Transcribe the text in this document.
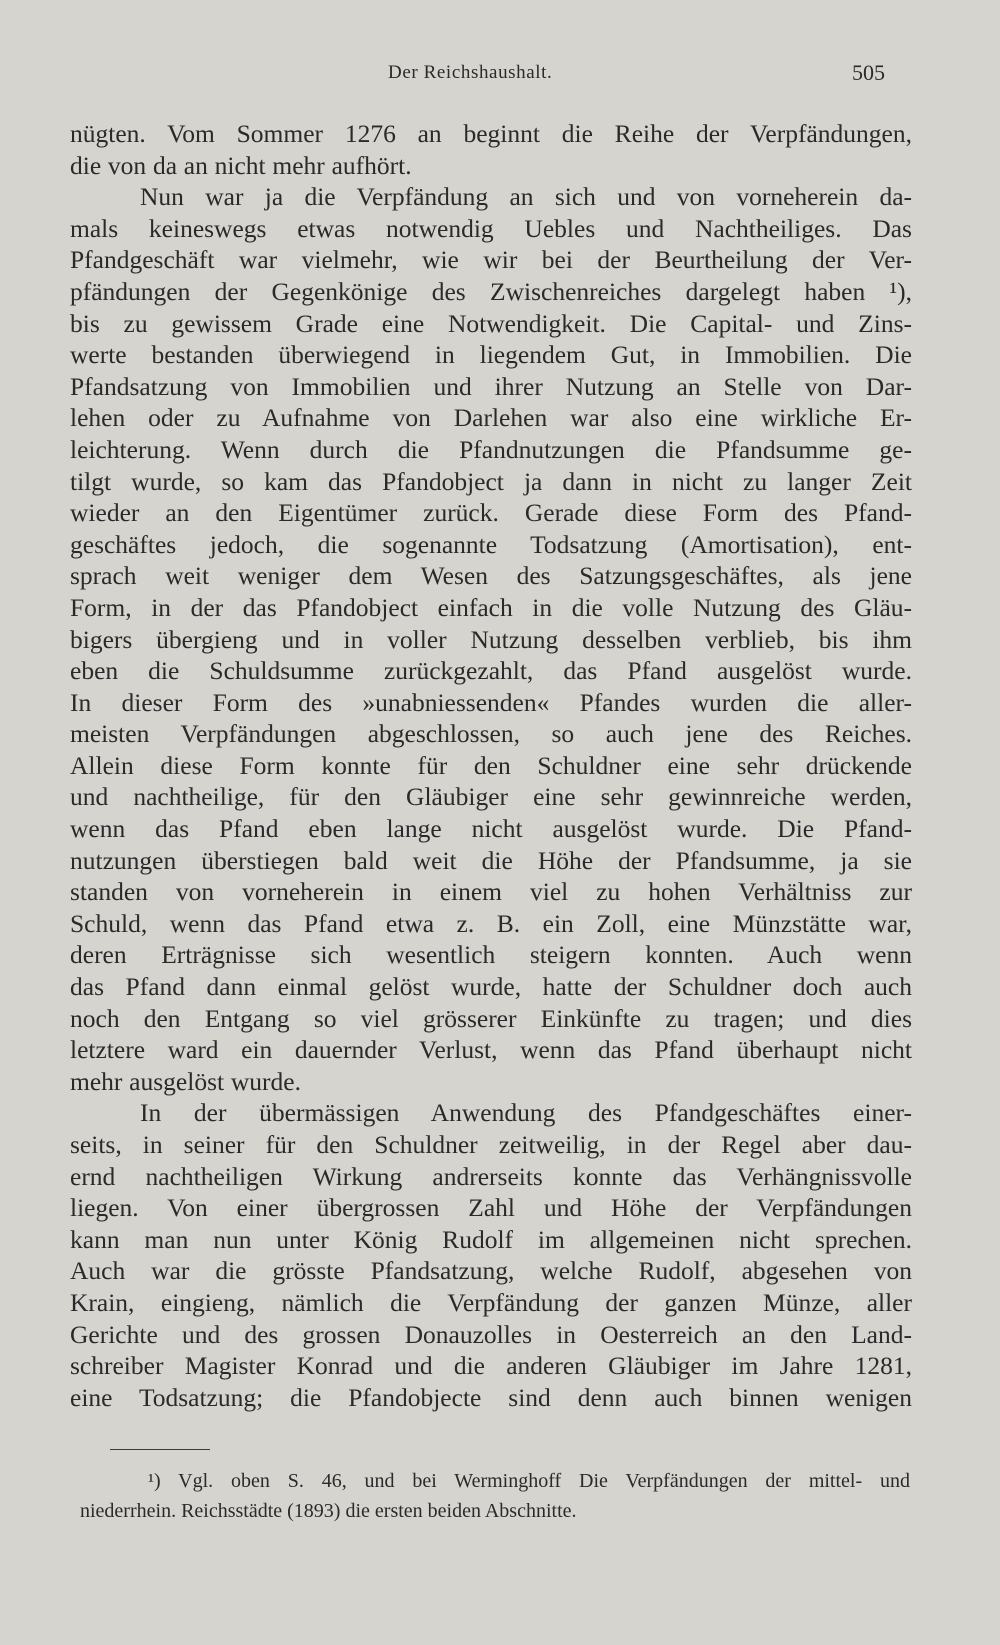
Der Reichshaushalt.	505
nügten. Vom Sommer 1276 an beginnt die Reihe der Verpfändungen,
die von da an nicht mehr aufhört.
Nun war ja die Verpfändung an sich und von vorneherein da-
mals keineswegs etwas notwendig Uebles und Nachtheiliges. Das
Pfandgeschäft war vielmehr, wie wir bei der Beurtheilung der Ver-
pfändungen der Gegenkönige des Zwischenreiches dargelegt haben ¹),
bis zu gewissem Grade eine Notwendigkeit. Die Capital- und Zins-
werte bestanden überwiegend in liegendem Gut, in Immobilien. Die
Pfandsatzung von Immobilien und ihrer Nutzung an Stelle von Dar-
lehen oder zu Aufnahme von Darlehen war also eine wirkliche Er-
leichterung. Wenn durch die Pfandnutzungen die Pfandsumme ge-
tilgt wurde, so kam das Pfandobject ja dann in nicht zu langer Zeit
wieder an den Eigentümer zurück. Gerade diese Form des Pfand-
geschäftes jedoch, die sogenannte Todsatzung (Amortisation), ent-
sprach weit weniger dem Wesen des Satzungsgeschäftes, als jene
Form, in der das Pfandobject einfach in die volle Nutzung des Gläu-
bigers übergieng und in voller Nutzung desselben verblieb, bis ihm
eben die Schuldsumme zurückgezahlt, das Pfand ausgelöst wurde.
In dieser Form des »unabniessenden« Pfandes wurden die aller-
meisten Verpfändungen abgeschlossen, so auch jene des Reiches.
Allein diese Form konnte für den Schuldner eine sehr drückende
und nachtheilige, für den Gläubiger eine sehr gewinnreiche werden,
wenn das Pfand eben lange nicht ausgelöst wurde. Die Pfand-
nutzungen überstiegen bald weit die Höhe der Pfandsumme, ja sie
standen von vorneherein in einem viel zu hohen Verhältniss zur
Schuld, wenn das Pfand etwa z. B. ein Zoll, eine Münzstätte war,
deren Erträgnisse sich wesentlich steigern konnten. Auch wenn
das Pfand dann einmal gelöst wurde, hatte der Schuldner doch auch
noch den Entgang so viel grösserer Einkünfte zu tragen; und dies
letztere ward ein dauernder Verlust, wenn das Pfand überhaupt nicht
mehr ausgelöst wurde.
In der übermässigen Anwendung des Pfandgeschäftes einer-
seits, in seiner für den Schuldner zeitweilig, in der Regel aber dau-
ernd nachtheiligen Wirkung andrerseits konnte das Verhängnissvolle
liegen. Von einer übergrossen Zahl und Höhe der Verpfändungen
kann man nun unter König Rudolf im allgemeinen nicht sprechen.
Auch war die grösste Pfandsatzung, welche Rudolf, abgesehen von
Krain, eingieng, nämlich die Verpfändung der ganzen Münze, aller
Gerichte und des grossen Donauzolles in Oesterreich an den Land-
schreiber Magister Konrad und die anderen Gläubiger im Jahre 1281,
eine Todsatzung; die Pfandobjecte sind denn auch binnen wenigen
¹) Vgl. oben S. 46, und bei Werminghoff Die Verpfändungen der mittel- und
niederrhein. Reichsstädte (1893) die ersten beiden Abschnitte.
